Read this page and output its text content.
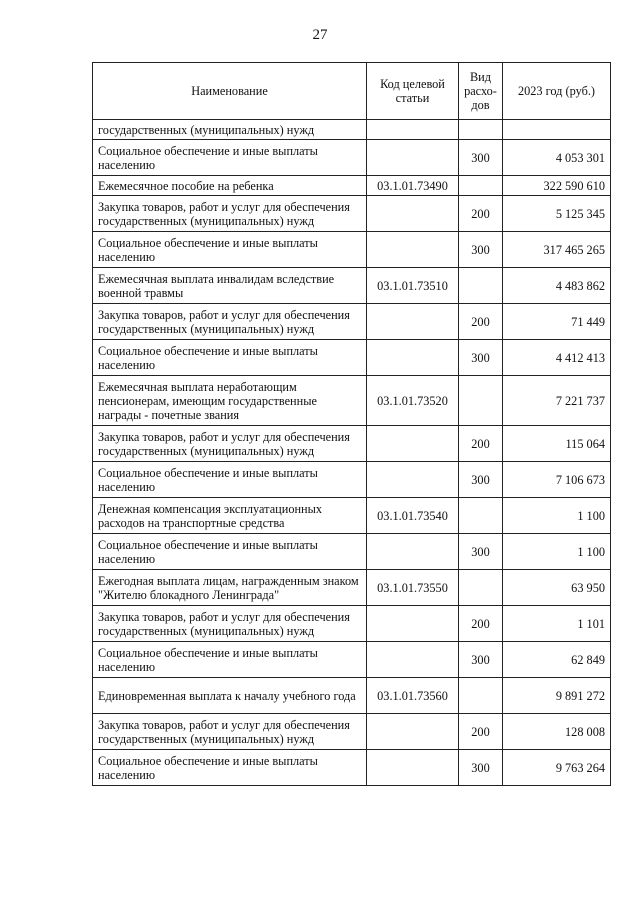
27
Наименование	Код целевой статьи	Вид расхо-дов	2023 год (руб.)
государственных (муниципальных) нужд			
Социальное обеспечение и иные выплаты населению		300	4 053 301
Ежемесячное пособие на ребенка	03.1.01.73490		322 590 610
Закупка товаров, работ и услуг для обеспечения государственных (муниципальных) нужд		200	5 125 345
Социальное обеспечение и иные выплаты населению		300	317 465 265
Ежемесячная выплата инвалидам вследствие военной травмы	03.1.01.73510		4 483 862
Закупка товаров, работ и услуг для обеспечения государственных (муниципальных) нужд		200	71 449
Социальное обеспечение и иные выплаты населению		300	4 412 413
Ежемесячная выплата неработающим пенсионерам, имеющим государственные награды - почетные звания	03.1.01.73520		7 221 737
Закупка товаров, работ и услуг для обеспечения государственных (муниципальных) нужд		200	115 064
Социальное обеспечение и иные выплаты населению		300	7 106 673
Денежная компенсация эксплуатационных расходов на транспортные средства	03.1.01.73540		1 100
Социальное обеспечение и иные выплаты населению		300	1 100
Ежегодная выплата лицам, награжденным знаком "Жителю блокадного Ленинграда"	03.1.01.73550		63 950
Закупка товаров, работ и услуг для обеспечения государственных (муниципальных) нужд		200	1 101
Социальное обеспечение и иные выплаты населению		300	62 849
Единовременная выплата к началу учебного года	03.1.01.73560		9 891 272
Закупка товаров, работ и услуг для обеспечения государственных (муниципальных) нужд		200	128 008
Социальное обеспечение и иные выплаты населению		300	9 763 264
